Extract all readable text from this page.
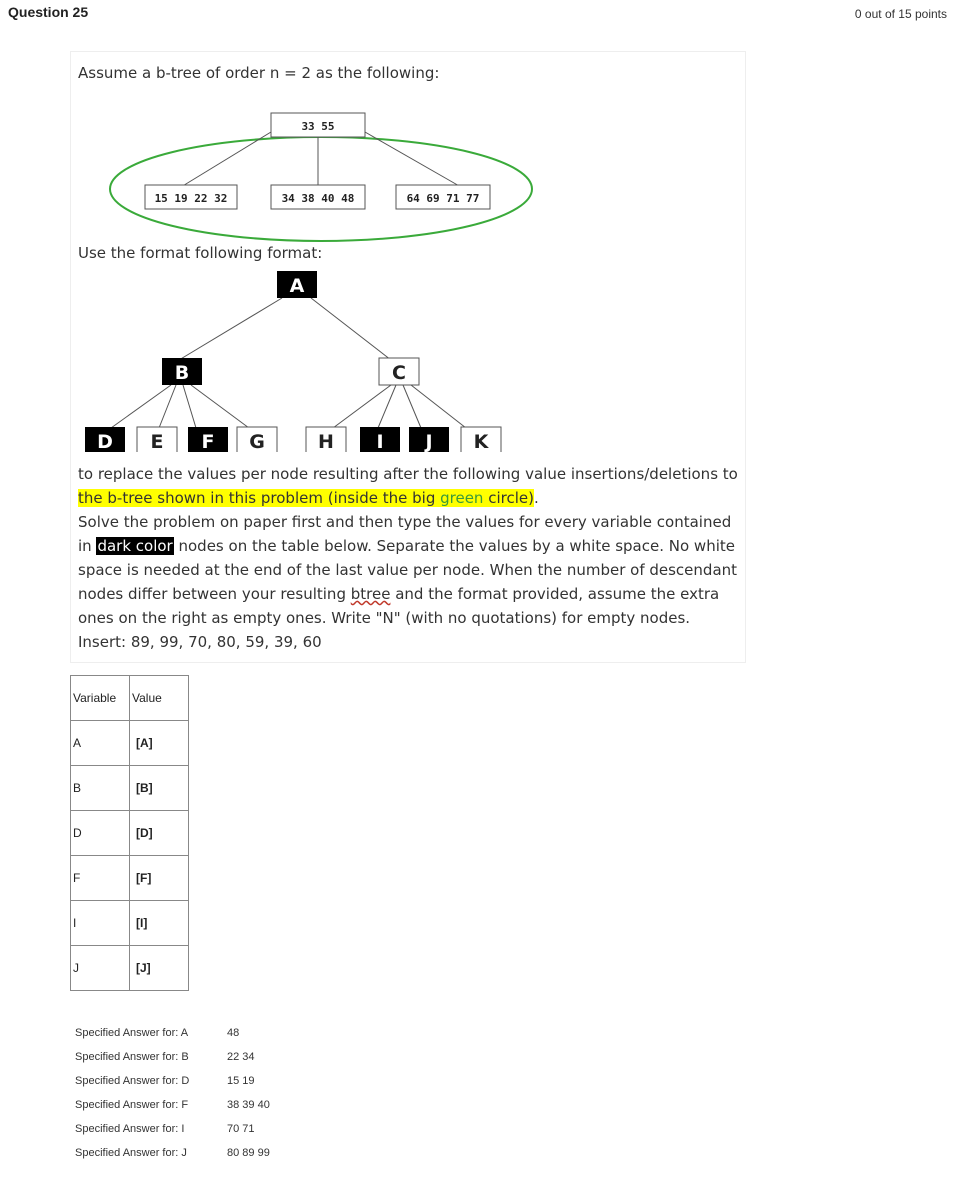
Question 25	0 out of 15 points
Assume a b-tree of order n = 2 as the following:
33 55
15 19 22 32	34 38 40 48	64 69 71 77
A
B	C
D E F G	H I J K
Use the format following format:
to replace the values per node resulting after the following value insertions/deletions to
the b-tree shown in this problem (inside the big green circle).
Solve the problem on paper first and then type the values for every variable contained
in dark color nodes on the table below. Separate the values by a white space. No white
space is needed at the end of the last value per node. When the number of descendant
nodes differ between your resulting btree and the format provided, assume the extra
ones on the right as empty ones. Write "N" (with no quotations) for empty nodes.
Insert: 89, 99, 70, 80, 59, 39, 60
Variable	Value
A	[A]
B	[B]
D	[D]
F	[F]
I	[I]
J	[J]
Specified Answer for: A	48
Specified Answer for: B	22 34
Specified Answer for: D	15 19
Specified Answer for: F	38 39 40
Specified Answer for: I	70 71
Specified Answer for: J	80 89 99
